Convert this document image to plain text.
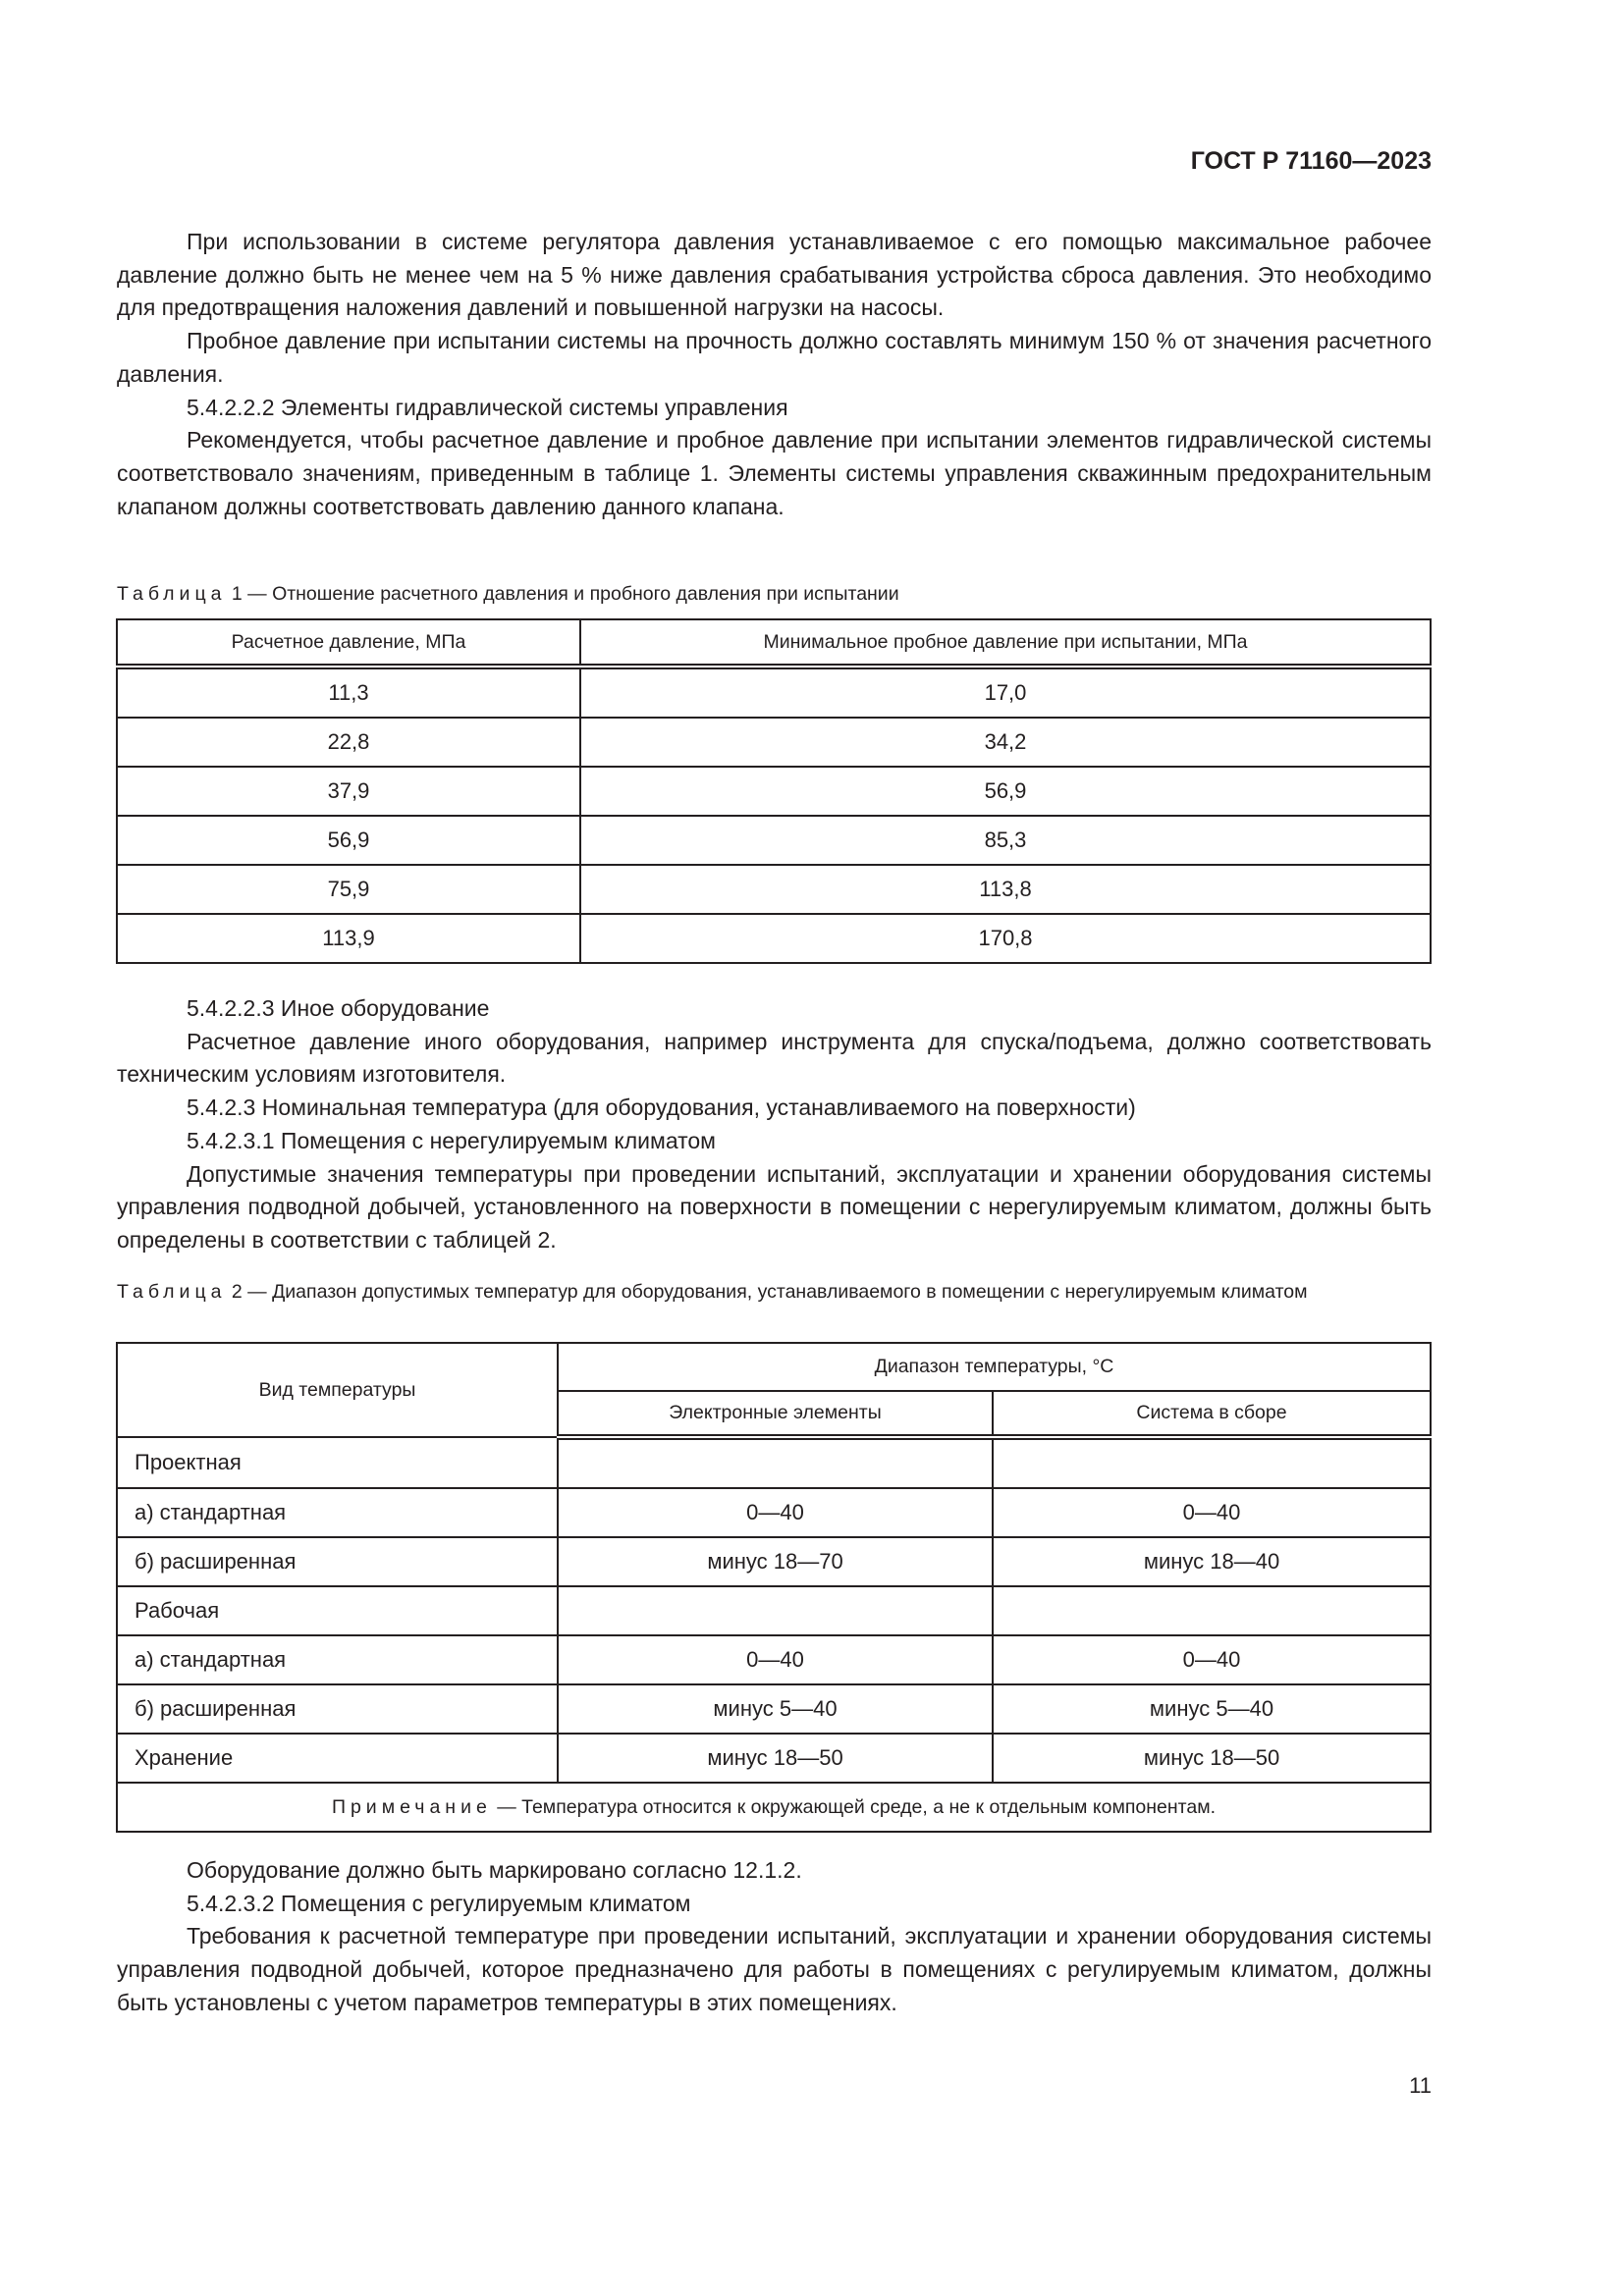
ГОСТ Р 71160—2023

При использовании в системе регулятора давления устанавливаемое с его помощью максимальное рабочее давление должно быть не менее чем на 5 % ниже давления срабатывания устройства сброса давления. Это необходимо для предотвращения наложения давлений и повышенной нагрузки на насосы.

Пробное давление при испытании системы на прочность должно составлять минимум 150 % от значения расчетного давления.

5.4.2.2.2 Элементы гидравлической системы управления

Рекомендуется, чтобы расчетное давление и пробное давление при испытании элементов гидравлической системы соответствовало значениям, приведенным в таблице 1. Элементы системы управления скважинным предохранительным клапаном должны соответствовать давлению данного клапана.

Таблица 1 — Отношение расчетного давления и пробного давления при испытании
Расчетное давление, МПа	Минимальное пробное давление при испытании, МПа
11,3	17,0
22,8	34,2
37,9	56,9
56,9	85,3
75,9	113,8
113,9	170,8

5.4.2.2.3 Иное оборудование

Расчетное давление иного оборудования, например инструмента для спуска/подъема, должно соответствовать техническим условиям изготовителя.

5.4.2.3 Номинальная температура (для оборудования, устанавливаемого на поверхности)

5.4.2.3.1 Помещения с нерегулируемым климатом

Допустимые значения температуры при проведении испытаний, эксплуатации и хранении оборудования системы управления подводной добычей, установленного на поверхности в помещении с нерегулируемым климатом, должны быть определены в соответствии с таблицей 2.

Таблица 2 — Диапазон допустимых температур для оборудования, устанавливаемого в помещении с нерегулируемым климатом
Вид температуры	Диапазон температуры, °С	
	Электронные элементы	Система в сборе
Проектная		
а) стандартная	0—40	0—40
б) расширенная	минус 18—70	минус 18—40
Рабочая		
а) стандартная	0—40	0—40
б) расширенная	минус 5—40	минус 5—40
Хранение	минус 18—50	минус 18—50
Примечание — Температура относится к окружающей среде, а не к отдельным компонентам.		

Оборудование должно быть маркировано согласно 12.1.2.

5.4.2.3.2 Помещения с регулируемым климатом

Требования к расчетной температуре при проведении испытаний, эксплуатации и хранении оборудования системы управления подводной добычей, которое предназначено для работы в помещениях с регулируемым климатом, должны быть установлены с учетом параметров температуры в этих помещениях.

11
